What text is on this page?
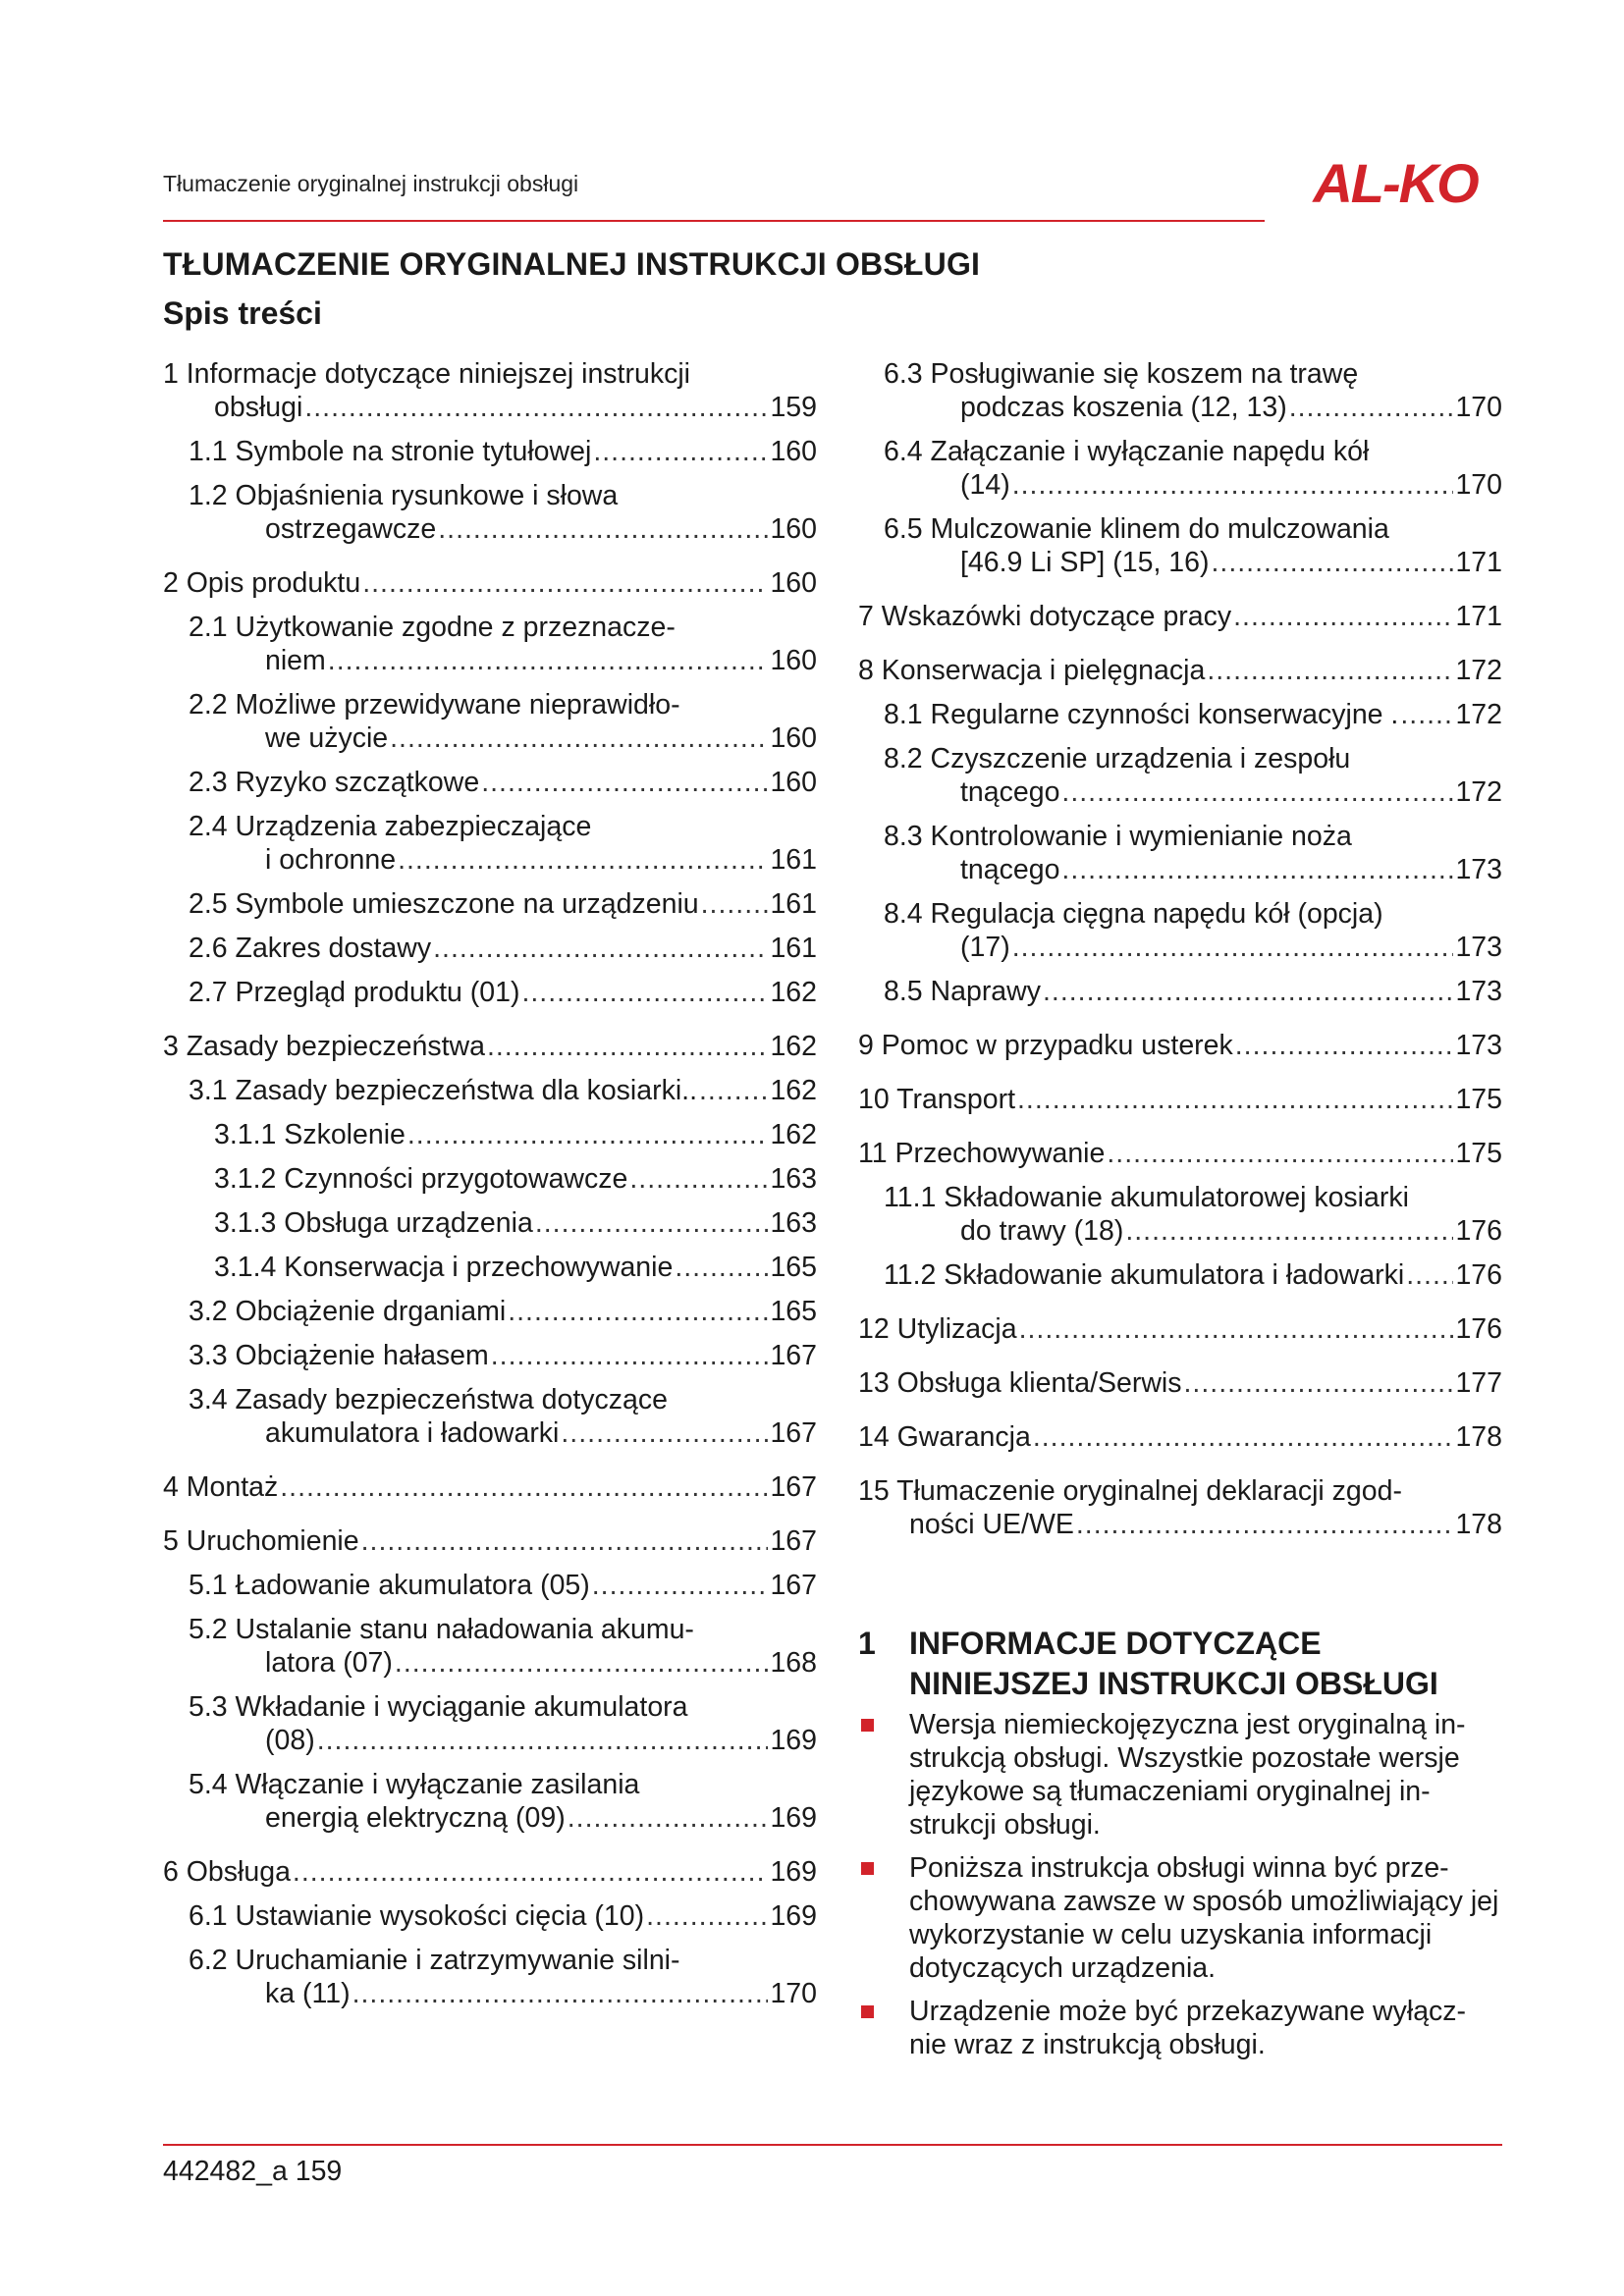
Tłumaczenie oryginalnej instrukcji obsługi	AL-KO
TŁUMACZENIE ORYGINALNEJ INSTRUKCJI OBSŁUGI
Spis treści
1 Informacje dotyczące niniejszej instrukcji
obsługi .....	159
1.1 Symbole na stronie tytułowej .....	160
1.2 Objaśnienia rysunkowe i słowa
ostrzegawcze .....	160
2 Opis produktu .....	160
2.1 Użytkowanie zgodne z przeznacze-
niem .....	160
2.2 Możliwe przewidywane nieprawidło-
we użycie .....	160
2.3 Ryzyko szczątkowe .....	160
2.4 Urządzenia zabezpieczające
i ochronne .....	161
2.5 Symbole umieszczone na urządzeniu .....	161
2.6 Zakres dostawy .....	161
2.7 Przegląd produktu (01) .....	162
3 Zasady bezpieczeństwa .....	162
3.1 Zasady bezpieczeństwa dla kosiarki.. .....	162
3.1.1 Szkolenie .....	162
3.1.2 Czynności przygotowawcze .....	163
3.1.3 Obsługa urządzenia .....	163
3.1.4 Konserwacja i przechowywanie .....	165
3.2 Obciążenie drganiami .....	165
3.3 Obciążenie hałasem .....	167
3.4 Zasady bezpieczeństwa dotyczące
akumulatora i ładowarki .....	167
4 Montaż .....	167
5 Uruchomienie .....	167
5.1 Ładowanie akumulatora (05) .....	167
5.2 Ustalanie stanu naładowania akumu-
latora (07) .....	168
5.3 Wkładanie i wyciąganie akumulatora
(08) .....	169
5.4 Włączanie i wyłączanie zasilania
energią elektryczną (09) .....	169
6 Obsługa .....	169
6.1 Ustawianie wysokości cięcia (10) .....	169
6.2 Uruchamianie i zatrzymywanie silni-
ka (11) .....	170
6.3 Posługiwanie się koszem na trawę
podczas koszenia (12, 13) .....	170
6.4 Załączanie i wyłączanie napędu kół
(14) .....	170
6.5 Mulczowanie klinem do mulczowania
[46.9 Li SP] (15, 16) .....	171
7 Wskazówki dotyczące pracy .....	171
8 Konserwacja i pielęgnacja .....	172
8.1 Regularne czynności konserwacyjne . ..... 172
8.2 Czyszczenie urządzenia i zespołu
tnącego .....	172
8.3 Kontrolowanie i wymienianie noża
tnącego .....	173
8.4 Regulacja cięgna napędu kół (opcja)
(17) .....	173
8.5 Naprawy .....	173
9 Pomoc w przypadku usterek .....	173
10 Transport .....	175
11 Przechowywanie .....	175
11.1 Składowanie akumulatorowej kosiarki
do trawy (18) .....	176
11.2 Składowanie akumulatora i ładowarki ..... 176
12 Utylizacja .....	176
13 Obsługa klienta/Serwis .....	177
14 Gwarancja .....	178
15 Tłumaczenie oryginalnej deklaracji zgod-
ności UE/WE .....	178
1 INFORMACJE DOTYCZĄCE
NINIEJSZEJ INSTRUKCJI OBSŁUGI
Wersja niemieckojęzyczna jest oryginalną in-strukcją obsługi. Wszystkie pozostałe wersje językowe są tłumaczeniami oryginalnej in-strukcji obsługi.
Poniższa instrukcja obsługi winna być prze-chowywana zawsze w sposób umożliwiający jej wykorzystanie w celu uzyskania informacji dotyczących urządzenia.
Urządzenie może być przekazywane wyłącz-nie wraz z instrukcją obsługi.
442482_a 159
